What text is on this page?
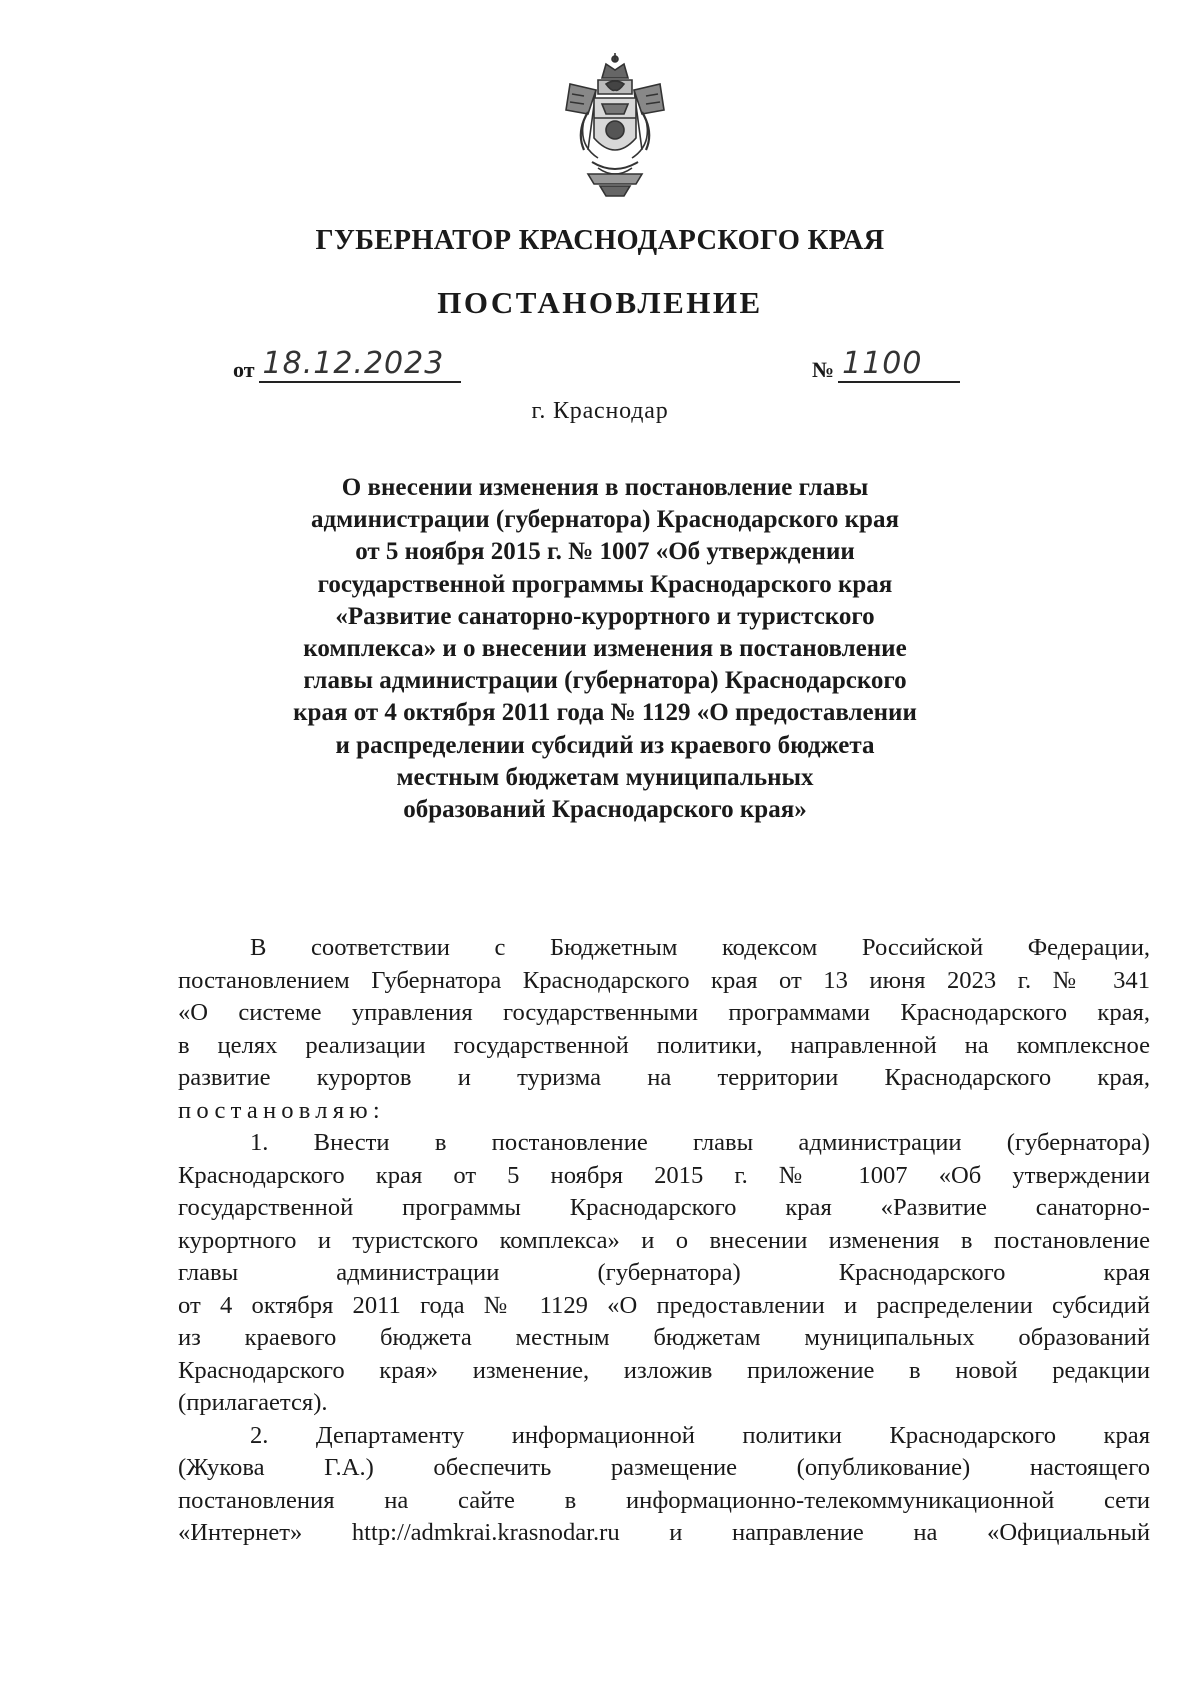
ГУБЕРНАТОР КРАСНОДАРСКОГО КРАЯ
ПОСТАНОВЛЕНИЕ
от 18.12.2023	№ 1100
г. Краснодар
О внесении изменения в постановление главы
администрации (губернатора) Краснодарского края
от 5 ноября 2015 г. № 1007 «Об утверждении
государственной программы Краснодарского края
«Развитие санаторно-курортного и туристского
комплекса» и о внесении изменения в постановление
главы администрации (губернатора) Краснодарского
края от 4 октября 2011 года № 1129 «О предоставлении
и распределении субсидий из краевого бюджета
местным бюджетам муниципальных
образований Краснодарского края»
В соответствии с Бюджетным кодексом Российской Федерации,
постановлением Губернатора Краснодарского края от 13 июня 2023 г. № 341
«О системе управления государственными программами Краснодарского края,
в целях реализации государственной политики, направленной на комплексное
развитие курортов и туризма на территории Краснодарского края,
постановляю:
1. Внести в постановление главы администрации (губернатора)
Краснодарского края от 5 ноября 2015 г. № 1007 «Об утверждении
государственной программы Краснодарского края «Развитие санаторно-
курортного и туристского комплекса» и о внесении изменения в постановление
главы администрации (губернатора) Краснодарского края
от 4 октября 2011 года № 1129 «О предоставлении и распределении субсидий
из краевого бюджета местным бюджетам муниципальных образований
Краснодарского края» изменение, изложив приложение в новой редакции
(прилагается).
2. Департаменту информационной политики Краснодарского края
(Жукова Г.А.) обеспечить размещение (опубликование) настоящего
постановления на сайте в информационно-телекоммуникационной сети
«Интернет» http://admkrai.krasnodar.ru и направление на «Официальный
